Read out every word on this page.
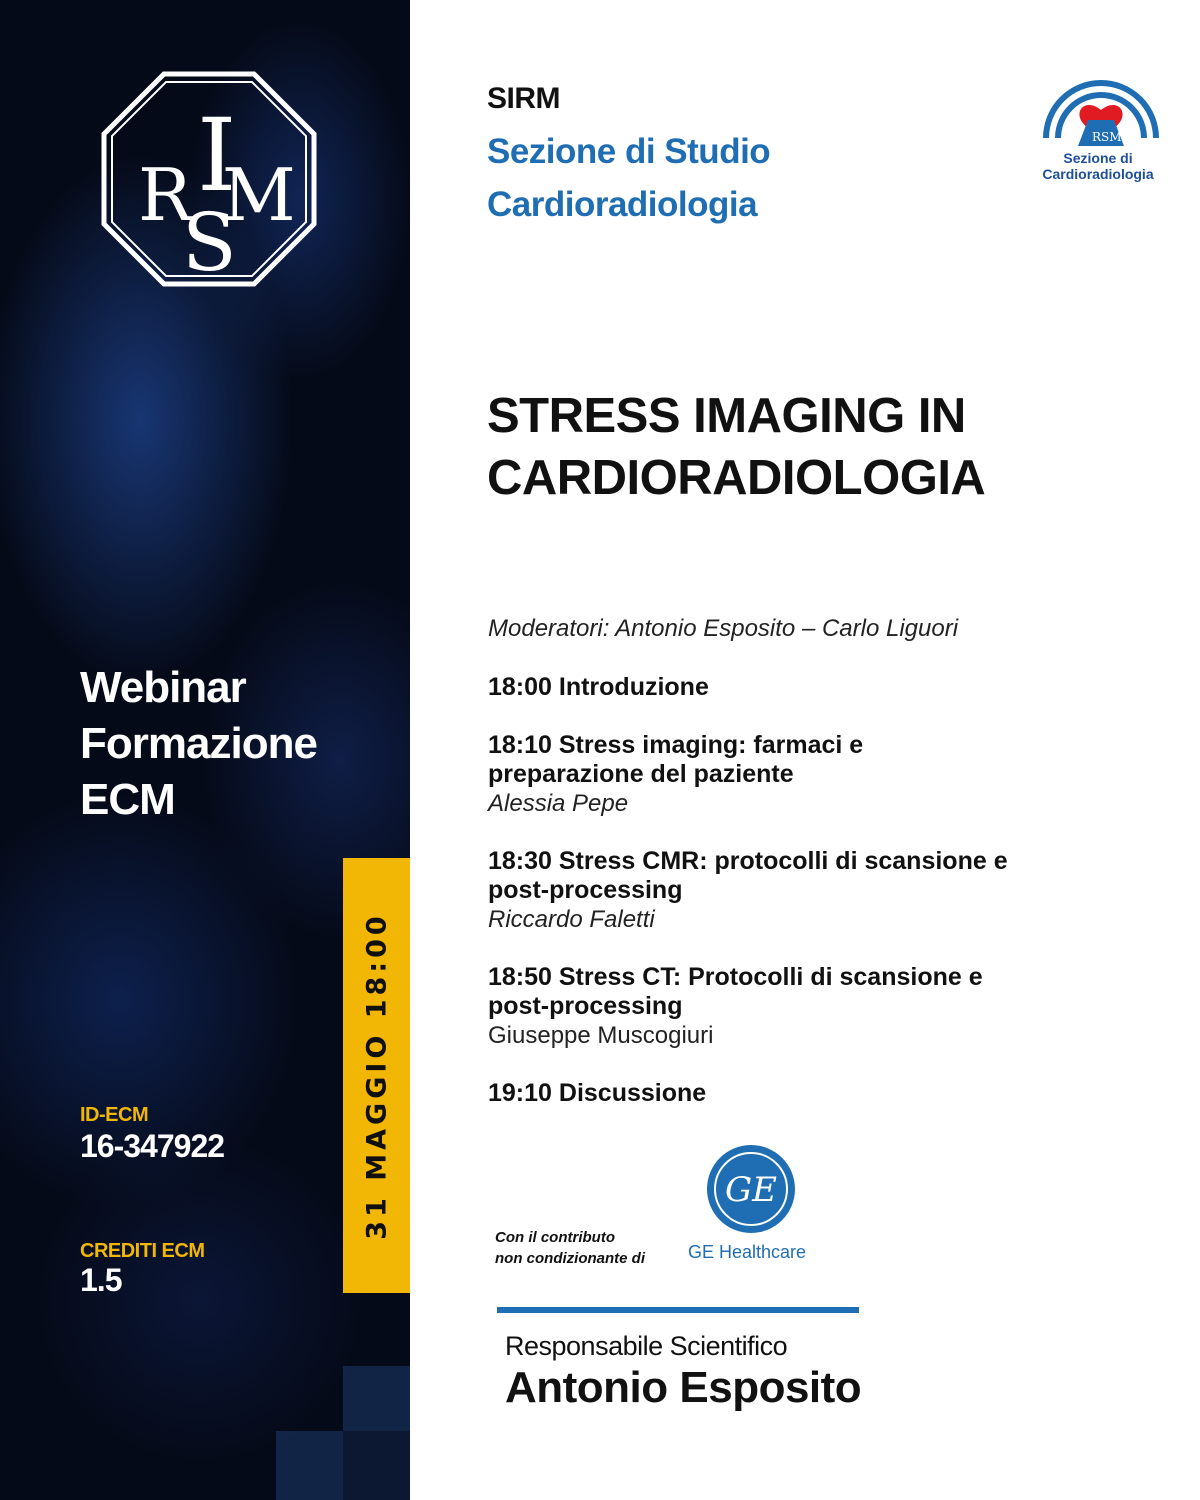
R M
S
I
Webinar
Formazione
ECM
ID-ECM
16-347922
CREDITI ECM
1.5
31 MAGGIO 18:00
SIRM
Sezione di Studio
Cardioradiologia
RSM
Sezione di
Cardioradiologia
STRESS IMAGING IN
CARDIORADIOLOGIA
Moderatori: Antonio Esposito – Carlo Liguori
18:00 Introduzione
18:10 Stress imaging: farmaci e
preparazione del paziente
Alessia Pepe
18:30 Stress CMR: protocolli di scansione e
post-processing
Riccardo Faletti
18:50 Stress CT: Protocolli di scansione e
post-processing
Giuseppe Muscogiuri
19:10 Discussione
Con il contributo
non condizionante di
GE
GE Healthcare
Responsabile Scientifico
Antonio Esposito
